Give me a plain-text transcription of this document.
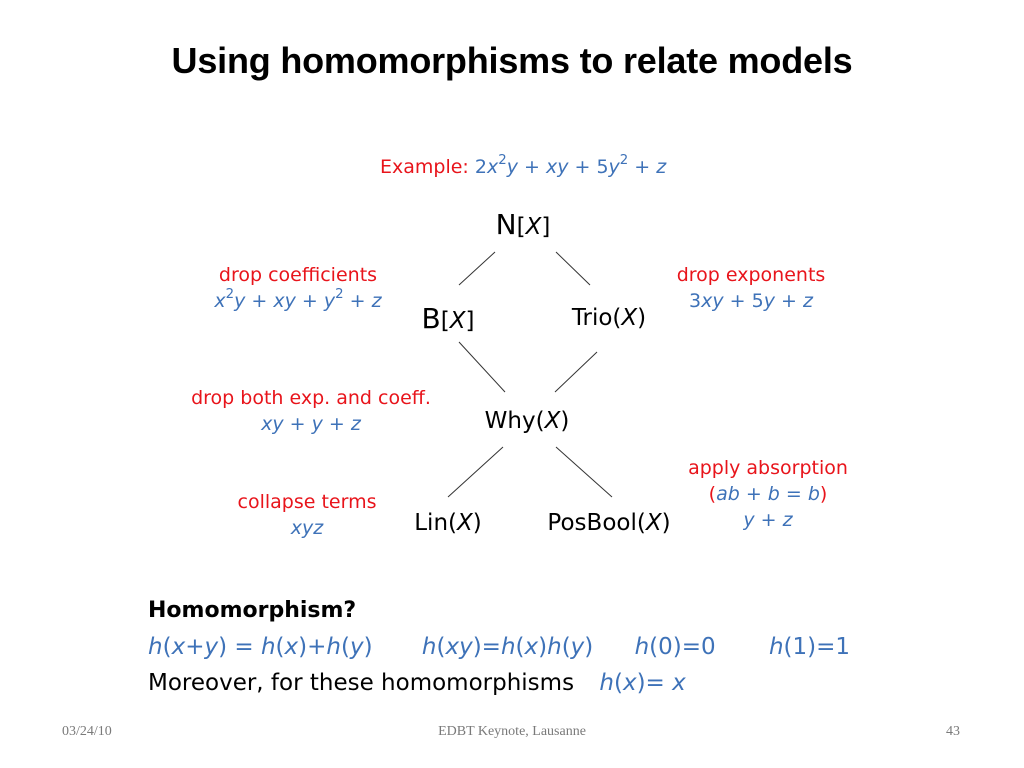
Using homomorphisms to relate models
Example: $2x^2y$ + xy + $5y^2 + z$
N[X]
B[X]	Trio(X)
Why(X)
Lin(X)	PosBool(X)
drop coefficients
$x^2y$ + xy + $y^2 + z$
drop exponents
3xy + 5y + z
drop both exp. and coeff.
xy + y + z
collapse terms
xyz
apply absorption
(ab + b = b)
y + z
Homomorphism?
h(x+y) = h(x)+h(y) h(xy)=h(x)h(y) h(0)=0 h(1)=1
Moreover, for these homomorphisms h(x)= x
03/24/10	EDBT Keynote, Lausanne	43
